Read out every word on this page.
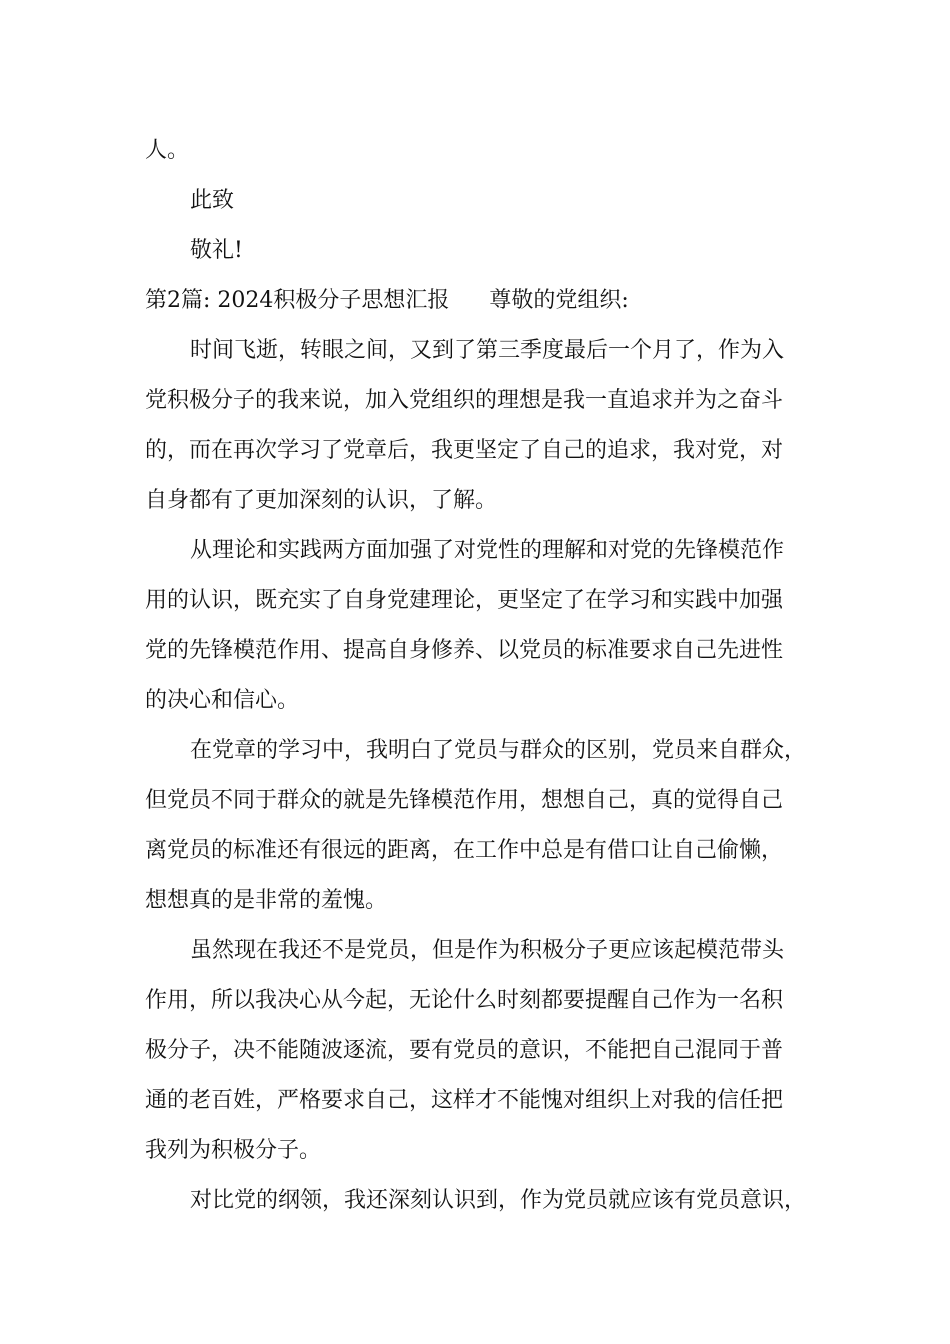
人。
此致
敬礼!
第2篇: 2024积极分子思想汇报 尊敬的党组织:
时间飞逝，转眼之间，又到了第三季度最后一个月了，作为入
党积极分子的我来说，加入党组织的理想是我一直追求并为之奋斗
的，而在再次学习了党章后，我更坚定了自己的追求，我对党，对
自身都有了更加深刻的认识，了解。
从理论和实践两方面加强了对党性的理解和对党的先锋模范作
用的认识，既充实了自身党建理论，更坚定了在学习和实践中加强
党的先锋模范作用、提高自身修养、以党员的标准要求自己先进性
的决心和信心。
在党章的学习中，我明白了党员与群众的区别，党员来自群众，
但党员不同于群众的就是先锋模范作用，想想自己，真的觉得自己
离党员的标准还有很远的距离，在工作中总是有借口让自己偷懒，
想想真的是非常的羞愧。
虽然现在我还不是党员，但是作为积极分子更应该起模范带头
作用，所以我决心从今起，无论什么时刻都要提醒自己作为一名积
极分子，决不能随波逐流，要有党员的意识，不能把自己混同于普
通的老百姓，严格要求自己，这样才不能愧对组织上对我的信任把
我列为积极分子。
对比党的纲领，我还深刻认识到，作为党员就应该有党员意识，
